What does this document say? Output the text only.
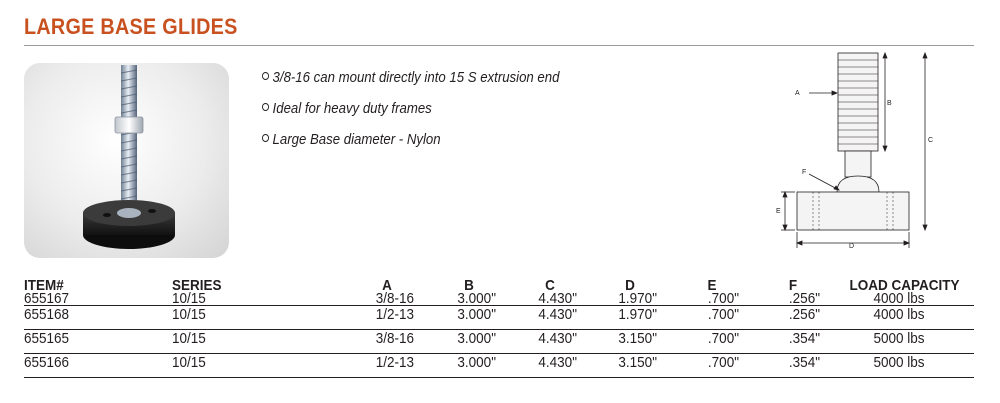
LARGE BASE GLIDES
3/8-16 can mount directly into 15 S extrusion end
Ideal for heavy duty frames
Large Base diameter - Nylon
A
B
C
F
E
D
ITEM#	SERIES	A	B	C	D	E	F	LOAD CAPACITY
655167	10/15	3/8-16	3.000"	4.430"	1.970"	.700"	.256"	4000 lbs
655168	10/15	1/2-13	3.000"	4.430"	1.970"	.700"	.256"	4000 lbs
655165	10/15	3/8-16	3.000"	4.430"	3.150"	.700"	.354"	5000 lbs
655166	10/15	1/2-13	3.000"	4.430"	3.150"	.700"	.354"	5000 lbs
